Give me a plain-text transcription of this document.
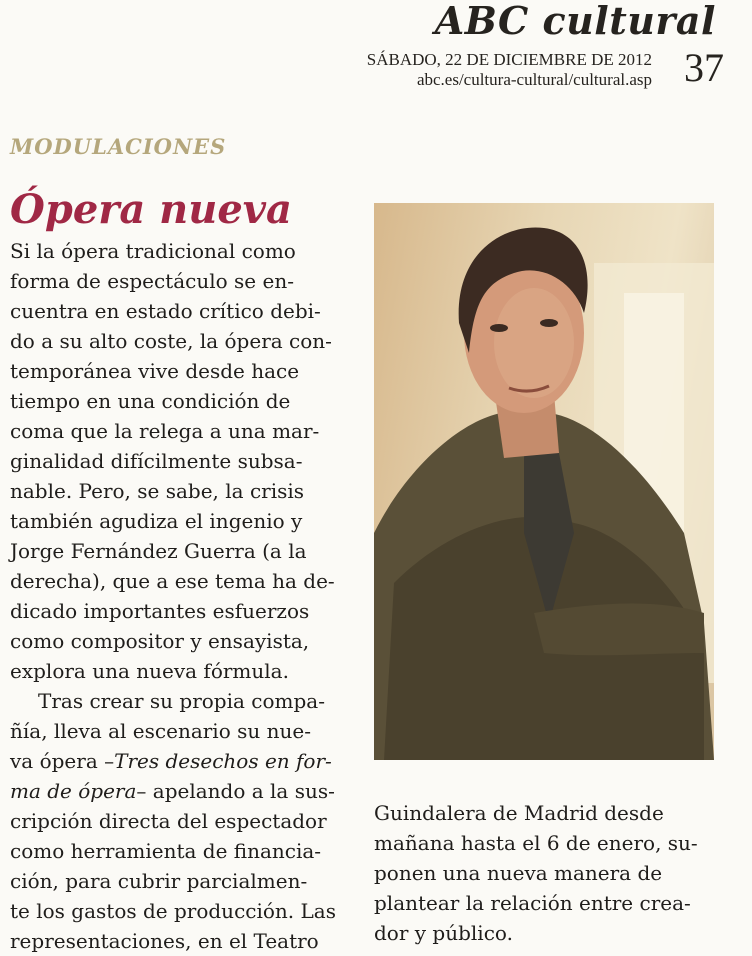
ABC cultural
SÁBADO, 22 DE DICIEMBRE DE 2012
abc.es/cultura-cultural/cultural.asp 37
MODULACIONES
Ópera nueva

Si la ópera tradicional como
forma de espectáculo se en-
cuentra en estado crítico debi-
do a su alto coste, la ópera con-
temporánea vive desde hace
tiempo en una condición de
coma que la relega a una mar-
ginalidad difícilmente subsa-
nable. Pero, se sabe, la crisis
también agudiza el ingenio y
Jorge Fernández Guerra (a la
derecha), que a ese tema ha de-
dicado importantes esfuerzos
como compositor y ensayista,
explora una nueva fórmula.

Tras crear su propia compa-
ñía, lleva al escenario su nue-
va ópera –Tres desechos en for-
ma de ópera– apelando a la sus-
cripción directa del espectador
como herramienta de financia-
ción, para cubrir parcialmen-
te los gastos de producción. Las
representaciones, en el Teatro

Guindalera de Madrid desde
mañana hasta el 6 de enero, su-
ponen una nueva manera de
plantear la relación entre crea-
dor y público.
